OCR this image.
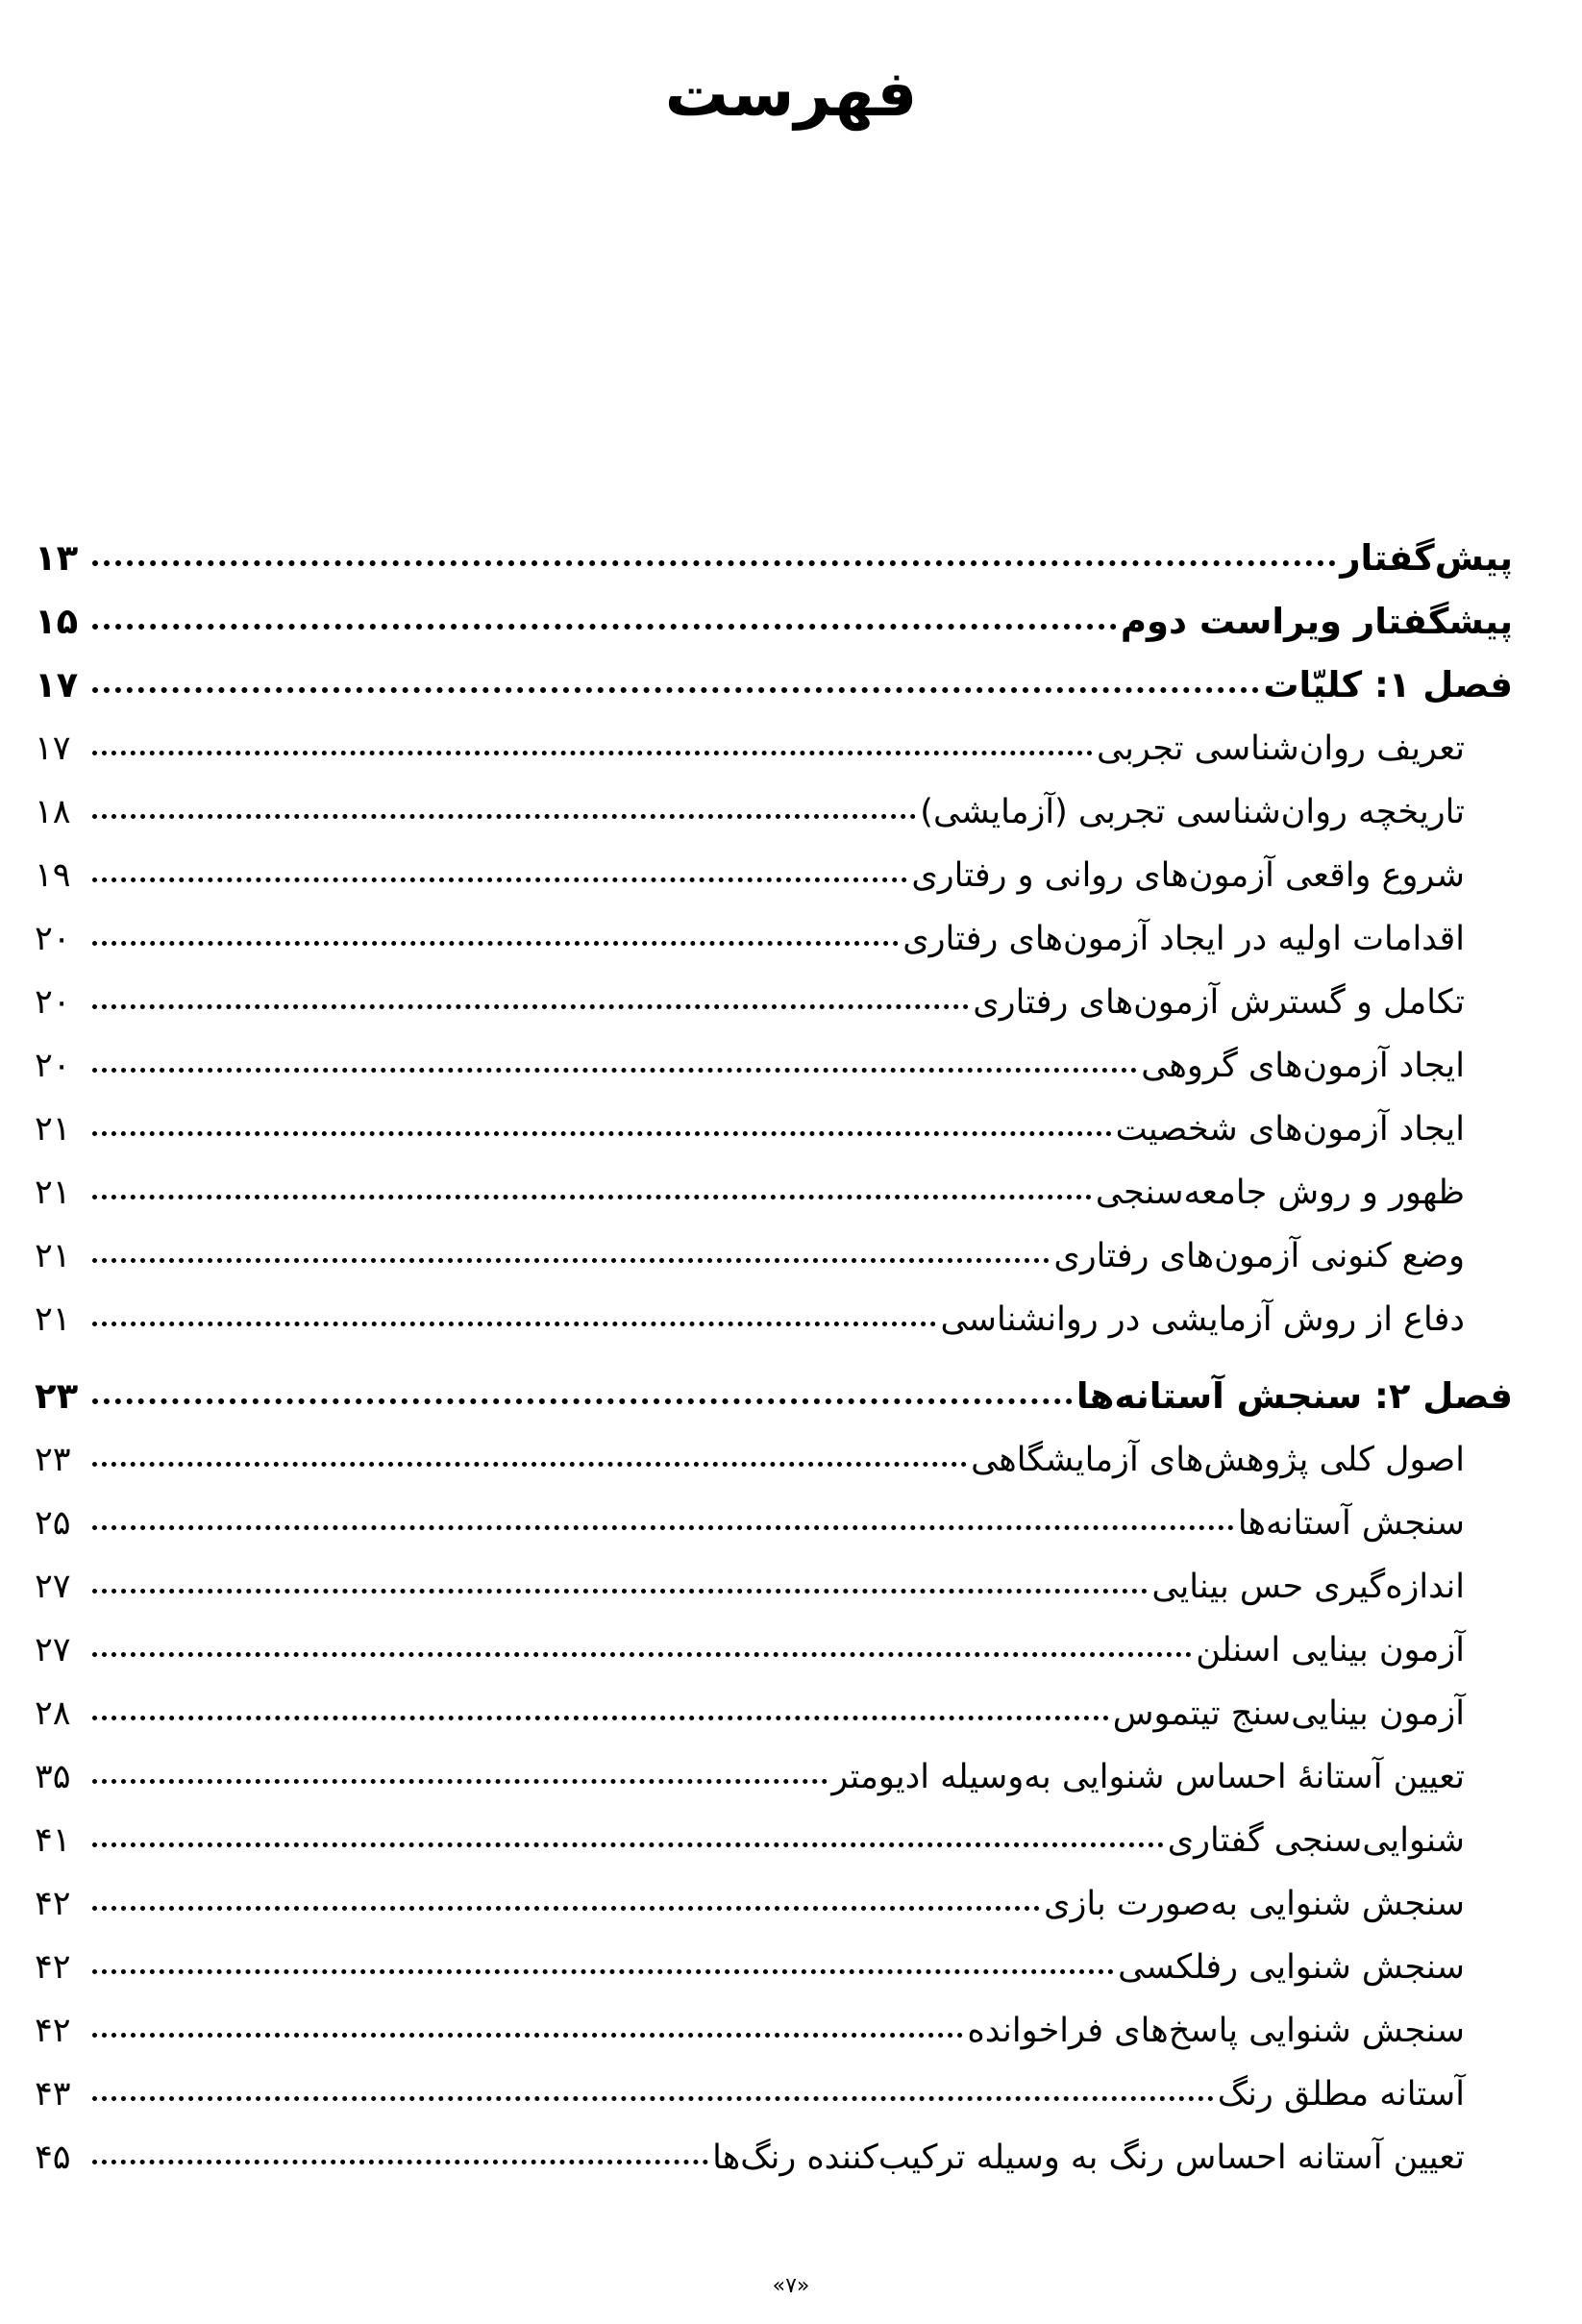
فهرست
پیش‌گفتار
۱۳
پیشگفتار ویراست دوم
۱۵
فصل ۱: کلیّات
۱۷
تعریف روان‌شناسی تجربی
۱۷
تاریخچه روان‌شناسی تجربی (آزمایشی)
۱۸
شروع واقعی آزمون‌های روانی و رفتاری
۱۹
اقدامات اولیه در ایجاد آزمون‌های رفتاری
۲۰
تکامل و گسترش آزمون‌های رفتاری
۲۰
ایجاد آزمون‌های گروهی
۲۰
ایجاد آزمون‌های شخصیت
۲۱
ظهور و روش جامعه‌سنجی
۲۱
وضع کنونی آزمون‌های رفتاری
۲۱
دفاع از روش آزمایشی در روانشناسی
۲۱
فصل ۲: سنجش آستانه‌ها
۲۳
اصول کلی پژوهش‌های آزمایشگاهی
۲۳
سنجش آستانه‌ها
۲۵
اندازه‌گیری حس بینایی
۲۷
آزمون بینایی اسنلن
۲۷
آزمون بینایی‌سنج تیتموس
۲۸
تعیین آستانۀ احساس شنوایی به‌وسیله ادیومتر
۳۵
شنوایی‌سنجی گفتاری
۴۱
سنجش شنوایی به‌صورت بازی
۴۲
سنجش شنوایی رفلکسی
۴۲
سنجش شنوایی پاسخ‌های فراخوانده
۴۲
آستانه مطلق رنگ
۴۳
تعیین آستانه احساس رنگ به وسیله ترکیب‌کننده رنگ‌ها
۴۵
«۷»
